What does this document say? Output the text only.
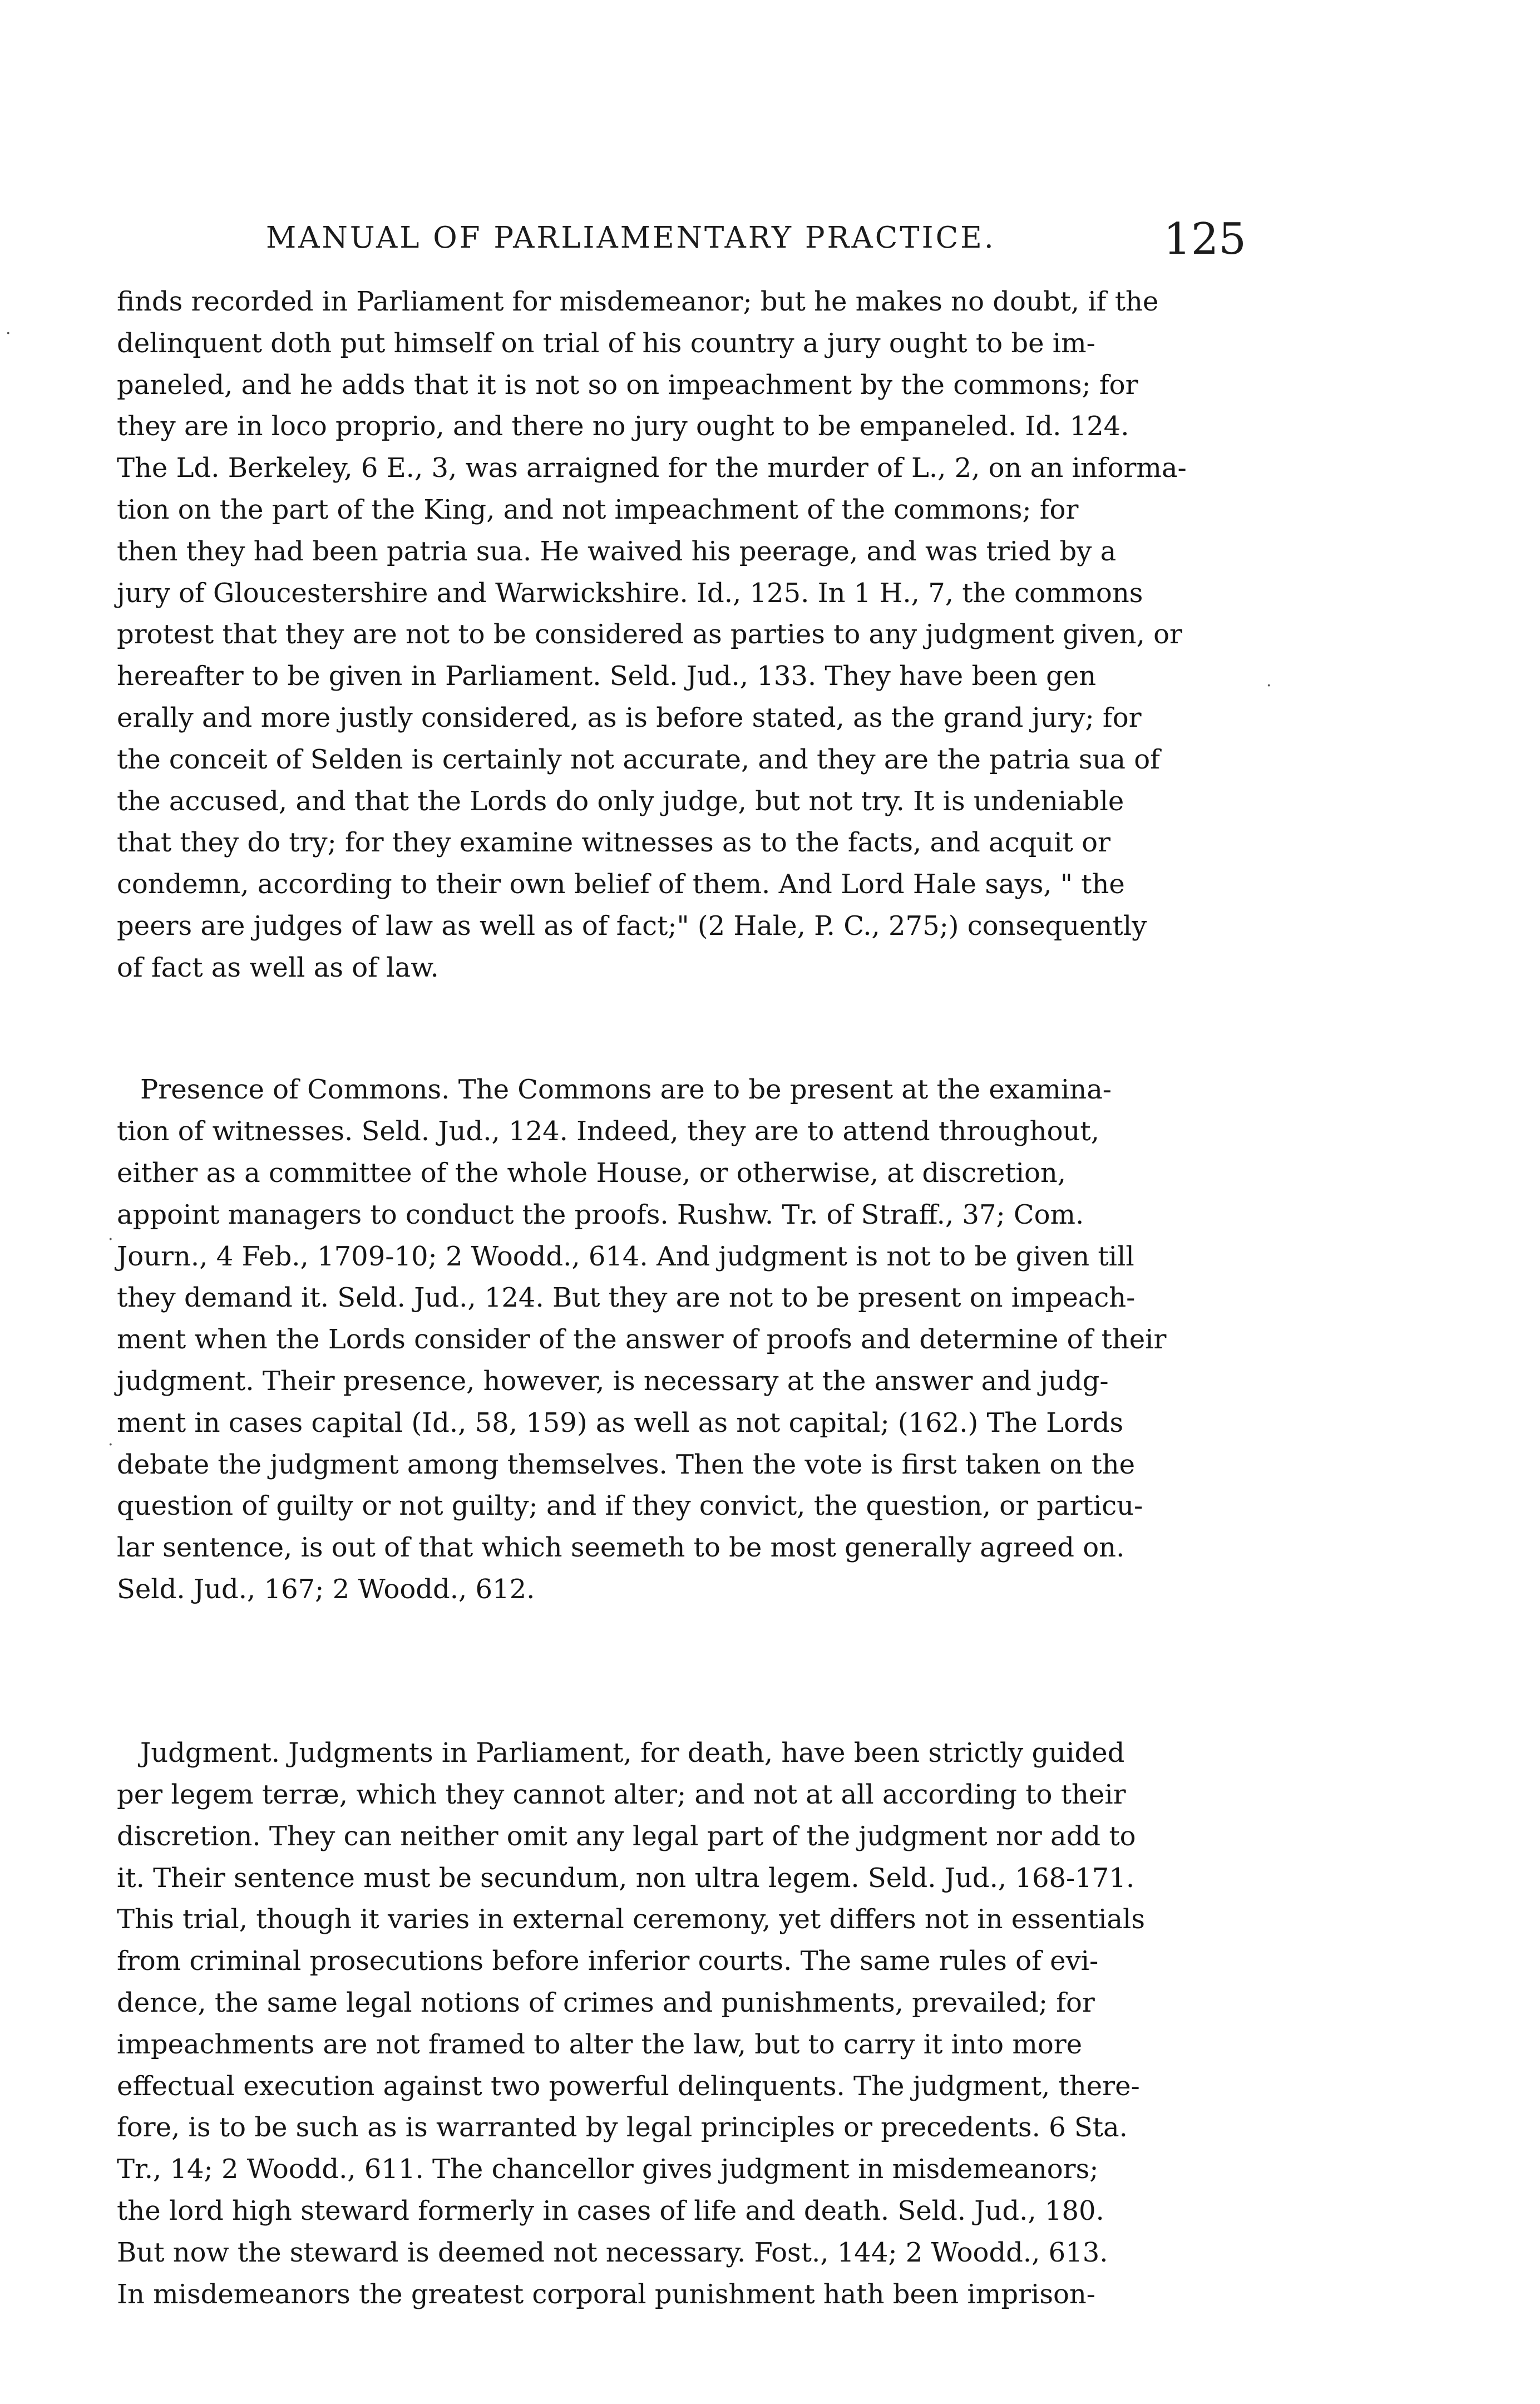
MANUAL OF PARLIAMENTARY PRACTICE.	125
.
·
.
.

finds recorded in Parliament for misdemeanor; but he makes no doubt, if the
delinquent doth put himself on trial of his country a jury ought to be im-
paneled, and he adds that it is not so on impeachment by the commons; for
they are in loco proprio, and there no jury ought to be empaneled. Id. 124.
The Ld. Berkeley, 6 E., 3, was arraigned for the murder of L., 2, on an informa-
tion on the part of the King, and not impeachment of the commons; for
then they had been patria sua. He waived his peerage, and was tried by a
jury of Gloucestershire and Warwickshire. Id., 125. In 1 H., 7, the commons
protest that they are not to be considered as parties to any judgment given, or
hereafter to be given in Parliament. Seld. Jud., 133. They have been gen
erally and more justly considered, as is before stated, as the grand jury; for
the conceit of Selden is certainly not accurate, and they are the patria sua of
the accused, and that the Lords do only judge, but not try. It is undeniable
that they do try; for they examine witnesses as to the facts, and acquit or
condemn, according to their own belief of them. And Lord Hale says, " the
peers are judges of law as well as of fact;" (2 Hale, P. C., 275;) consequently
of fact as well as of law.

Presence of Commons. The Commons are to be present at the examina-
tion of witnesses. Seld. Jud., 124. Indeed, they are to attend throughout,
either as a committee of the whole House, or otherwise, at discretion,
appoint managers to conduct the proofs. Rushw. Tr. of Straff., 37; Com.
Journ., 4 Feb., 1709-10; 2 Woodd., 614. And judgment is not to be given till
they demand it. Seld. Jud., 124. But they are not to be present on impeach-
ment when the Lords consider of the answer of proofs and determine of their
judgment. Their presence, however, is necessary at the answer and judg-
ment in cases capital (Id., 58, 159) as well as not capital; (162.) The Lords
debate the judgment among themselves. Then the vote is first taken on the
question of guilty or not guilty; and if they convict, the question, or particu-
lar sentence, is out of that which seemeth to be most generally agreed on.
Seld. Jud., 167; 2 Woodd., 612.

Judgment. Judgments in Parliament, for death, have been strictly guided
per legem terræ, which they cannot alter; and not at all according to their
discretion. They can neither omit any legal part of the judgment nor add to
it. Their sentence must be secundum, non ultra legem. Seld. Jud., 168-171.
This trial, though it varies in external ceremony, yet differs not in essentials
from criminal prosecutions before inferior courts. The same rules of evi-
dence, the same legal notions of crimes and punishments, prevailed; for
impeachments are not framed to alter the law, but to carry it into more
effectual execution against two powerful delinquents. The judgment, there-
fore, is to be such as is warranted by legal principles or precedents. 6 Sta.
Tr., 14; 2 Woodd., 611. The chancellor gives judgment in misdemeanors;
the lord high steward formerly in cases of life and death. Seld. Jud., 180.
But now the steward is deemed not necessary. Fost., 144; 2 Woodd., 613.
In misdemeanors the greatest corporal punishment hath been imprison-
